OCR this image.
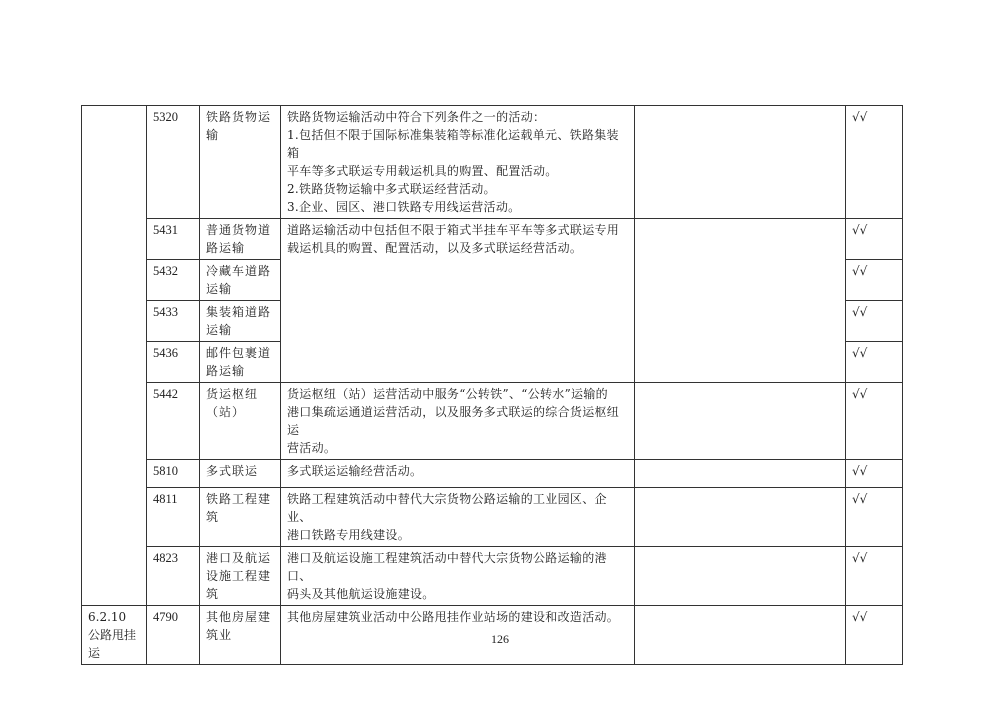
	5320	铁路货物运输	铁路货物运输活动中符合下列条件之一的活动：
1.包括但不限于国际标准集装箱等标准化运载单元、铁路集装箱
平车等多式联运专用载运机具的购置、配置活动。
2.铁路货物运输中多式联运经营活动。
3.企业、园区、港口铁路专用线运营活动。		√√
	5431	普通货物道路运输	道路运输活动中包括但不限于箱式半挂车平车等多式联运专用
载运机具的购置、配置活动，以及多式联运经营活动。		√√
	5432	冷藏车道路运输			√√
	5433	集装箱道路运输			√√
	5436	邮件包裹道路运输			√√
	5442	货运枢纽（站）	货运枢纽（站）运营活动中服务“公转铁”、“公转水”运输的
港口集疏运通道运营活动，以及服务多式联运的综合货运枢纽运
营活动。		√√
	5810	多式联运	多式联运运输经营活动。		√√
	4811	铁路工程建筑	铁路工程建筑活动中替代大宗货物公路运输的工业园区、企业、
港口铁路专用线建设。		√√
	4823	港口及航运设施工程建筑	港口及航运设施工程建筑活动中替代大宗货物公路运输的港口、
码头及其他航运设施建设。		√√
6.2.10 公路甩挂运	4790	其他房屋建筑业	其他房屋建筑业活动中公路甩挂作业站场的建设和改造活动。		√√
126
